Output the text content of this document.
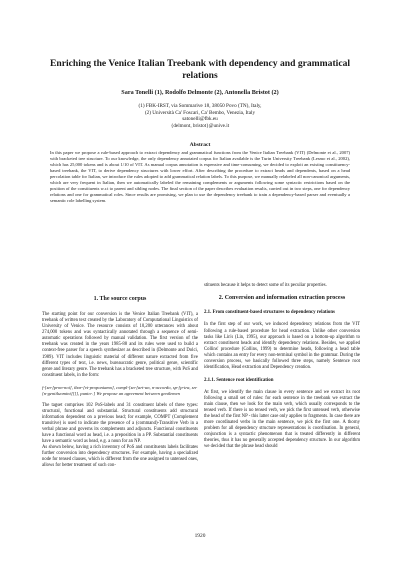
Enriching the Venice Italian Treebank with dependency and grammatical
relations
Sara Tonelli (1), Rodolfo Delmonte (2), Antonella Bristot (2)
(1) FBK-IRST, via Sommarive 18, 38050 Povo (TN), Italy,
(2) Università Ca' Foscari, Ca' Bembo, Venezia, Italy
satonelli@fbk.eu
{delmont, bristot}@unive.it
Abstract

In this paper we propose a rule-based approach to extract dependency and grammatical functions from the Venice Italian Treebank (VIT) (Delmonte et al., 2007) with bracketed tree structure. To our knowledge, the only dependency annotated corpus for Italian available is the Turin University Treebank (Lesmo et al., 2002), which has 25,000 tokens and is about 1/10 of VIT. As manual corpus annotation is expensive and time-consuming, we decided to exploit an existing constituency-based treebank, the VIT, to derive dependency structures with lower effort. After describing the procedure to extract heads and dependents, based on a head percolation table for Italian, we introduce the rules adopted to add grammatical relation labels. To this purpose, we manually relabeled all non-canonical arguments, which are very frequent in Italian, then we automatically labeled the remaining complements or arguments following some syntactic restrictions based on the position of the constituents w.r.t to parent and sibling nodes. The final section of the paper describes evaluation results, carried out in two steps, one for dependency relations and one for grammatical roles. Since results are promising, we plan to use the dependency treebank to train a dependency-based parser and eventually a semantic role labelling system.

1. The source corpus

The starting point for our conversion is the Venice Italian Treebank (VIT), a treebank of written text created by the Laboratory of Computational Linguistics of University of Venice. The resource consists of 10,200 utterances with about 274,000 tokens and was syntactically annotated through a sequence of semi-automatic operations followed by manual validation. The first version of the treebank was created in the years 1985-88 and its rules were used to build a context-free parser for a speech synthesizer as described in (Delmonte and Dolci, 1989). VIT includes linguistic material of different nature extracted from five different types of text, i.e. news, bureaucratic genre, political genre, scientific genre and literary genre. The treebank has a bracketed tree structure, with PoS and constituent labels, in the form:

f-[sn-[pron-noi], ibar-[vt-proponiamo], compl-[sn-[art-un, n-accordo, sp-[p-tra, sn-[n-gentiluomini]]]], punto-.] We propose an agreement between gentlemen

The tagset comprises 102 PoS-labels and 31 constituent labels of three types: structural, functional and substantial. Structural constituents add structural information dependent on a previous head; for example, COMPT (Complement transitive) is used to indicate the presence of a (command)-Transitive Verb in a verbal phrase and governs its complements and adjuncts. Functional constituents have a functional word as head, i.e. a preposition in a PP. Substantial constituents have a semantic word as head, e.g. a noun for an NP.

As shown below, having a rich inventory of PoS and constituents labels facilitates further conversion into dependency structures. For example, having a specialized node for tensed clauses, which is different from the one assigned to untensed ones, allows for better treatment of such con-

stituents because it helps to detect some of its peculiar properties.

2. Conversion and information extraction process
2.1. From constituent-based structures to dependency relations

In the first step of our work, we induced dependency relations from the VIT following a rule-based procedure for head extraction. Unlike other conversion tasks like Lin's (Lin, 1995), our approach is based on a bottom-up algorithm to extract constituent heads and identify dependency relations. Besides, we applied Collins' procedure (Collins, 1999) to determine heads, following a head table which contains an entry for every non-terminal symbol in the grammar. During the conversion process, we basically followed three steps, namely Sentence root identification, Head extraction and Dependency creation.

2.1.1. Sentence root identification

At first, we identify the main clause in every sentence and we extract its root following a small set of rules: for each sentence in the treebank we extract the main clause, then we look for the main verb, which usually corresponds to the tensed verb. If there is no tensed verb, we pick the first untensed verb, otherwise the head of the first NP - this latter case only applies to fragments. In case there are more coordinated verbs in the main sentence, we pick the first one. A thorny problem for all dependency structure representations is coordination. In general, conjunction is a syntactic phenomenon that is treated differently in different theories, thus it has no generally accepted dependency structure. In our algorithm we decided that the phrase head should

1920
